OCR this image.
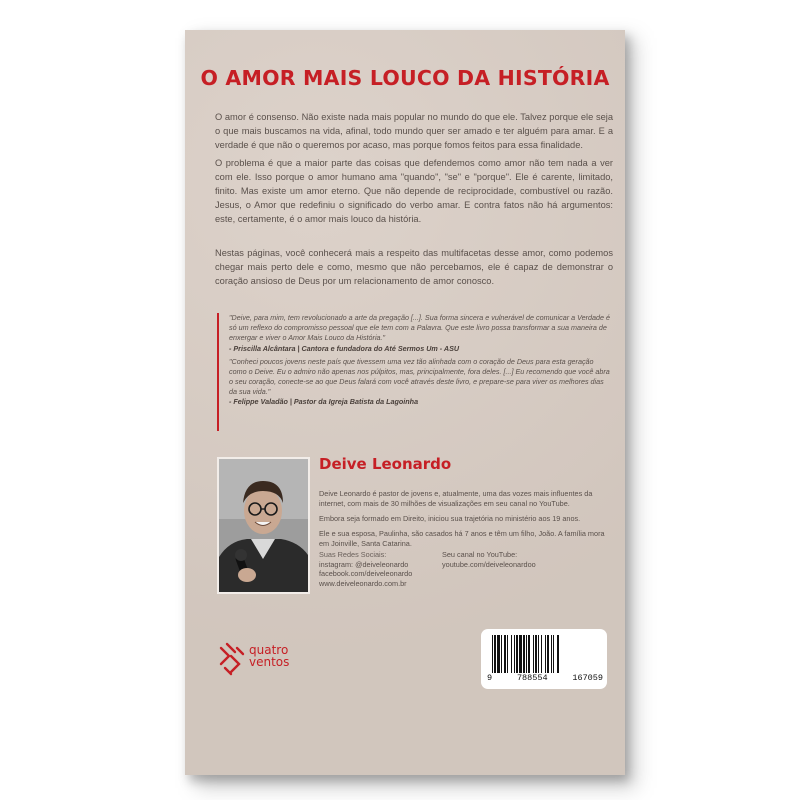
O AMOR MAIS LOUCO DA HISTÓRIA

O amor é consenso. Não existe nada mais popular no mundo do que ele. Talvez porque ele seja o que mais buscamos na vida, afinal, todo mundo quer ser amado e ter alguém para amar. E a verdade é que não o queremos por acaso, mas porque fomos feitos para essa finalidade.

O problema é que a maior parte das coisas que defendemos como amor não tem nada a ver com ele. Isso porque o amor humano ama "quando", "se" e "porque". Ele é carente, limitado, finito. Mas existe um amor eterno. Que não depende de reciprocidade, combustível ou razão. Jesus, o Amor que redefiniu o significado do verbo amar. E contra fatos não há argumentos: este, certamente, é o amor mais louco da história.

Nestas páginas, você conhecerá mais a respeito das multifacetas desse amor, como podemos chegar mais perto dele e como, mesmo que não percebamos, ele é capaz de demonstrar o coração ansioso de Deus por um relacionamento de amor conosco.

"Deive, para mim, tem revolucionado a arte da pregação [...]. Sua forma sincera e vulnerável de comunicar a Verdade é só um reflexo do compromisso pessoal que ele tem com a Palavra. Que este livro possa transformar a sua maneira de enxergar e viver o Amor Mais Louco da História."

- Priscilla Alcântara | Cantora e fundadora do Até Sermos Um - ASU

"Conheci poucos jovens neste país que tivessem uma vez tão alinhada com o coração de Deus para esta geração como o Deive. Eu o admiro não apenas nos púlpitos, mas, principalmente, fora deles. [...] Eu recomendo que você abra o seu coração, conecte-se ao que Deus falará com você através deste livro, e prepare-se para viver os melhores dias da sua vida."

- Felippe Valadão | Pastor da Igreja Batista da Lagoinha

Deive Leonardo

Deive Leonardo é pastor de jovens e, atualmente, uma das vozes mais influentes da internet, com mais de 30 milhões de visualizações em seu canal no YouTube.

Embora seja formado em Direito, iniciou sua trajetória no ministério aos 19 anos.

Ele e sua esposa, Paulinha, são casados há 7 anos e têm um filho, João. A família mora em Joinville, Santa Catarina.

Suas Redes Sociais:

instagram: @deiveleonardo

facebook.com/deiveleonardo

www.deiveleonardo.com.br

Seu canal no YouTube:

youtube.com/deiveleonardoo

quatro
ventos
9	788554	167059
